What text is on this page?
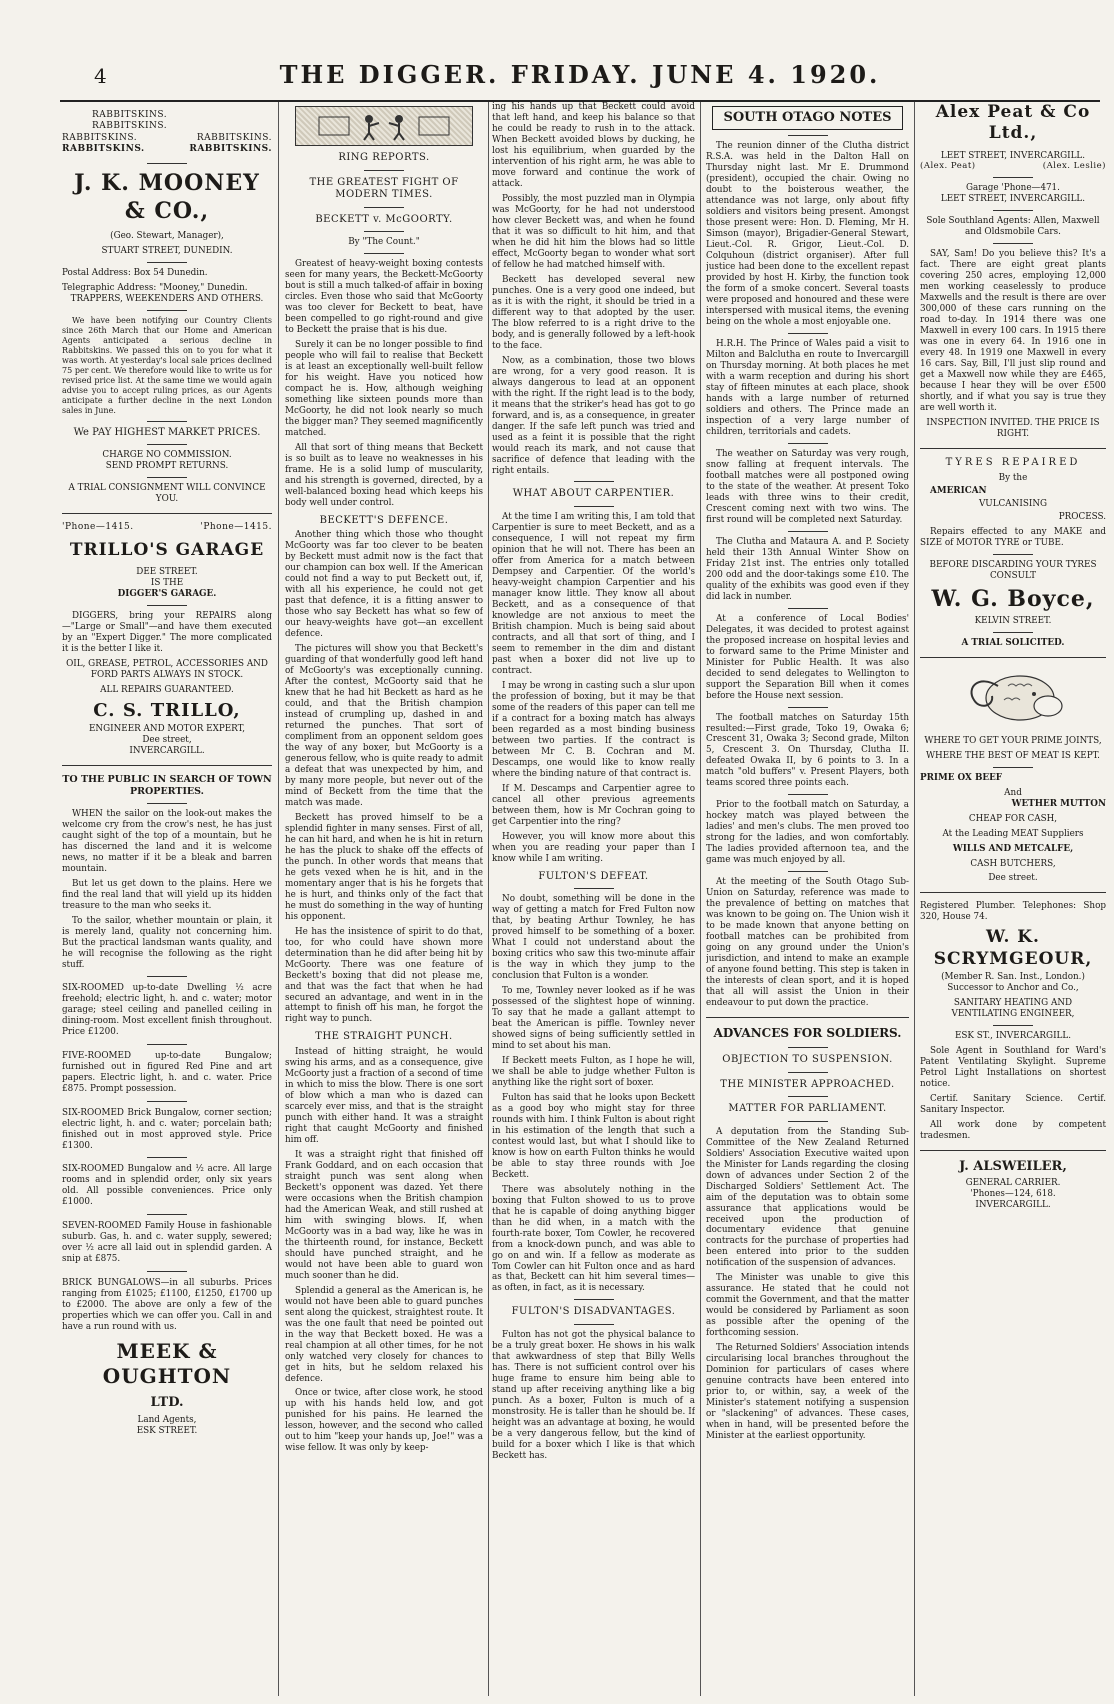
4	THE DIGGER. FRIDAY. JUNE 4. 1920.
RABBITSKINS.
RABBITSKINS.
RABBITSKINS.	RABBITSKINS.
RABBITSKINS.	RABBITSKINS.
J. K. MOONEY & CO.,

(Geo. Stewart, Manager),

STUART STREET, DUNEDIN.

Postal Address: Box 54 Dunedin.

Telegraphic Address: "Mooney," Dunedin.

TRAPPERS, WEEKENDERS AND OTHERS.

We have been notifying our Country Clients since 26th March that our Home and American Agents anticipated a serious decline in Rabbitskins. We passed this on to you for what it was worth. At yesterday's local sale prices declined 75 per cent. We therefore would like to write us for revised price list. At the same time we would again advise you to accept ruling prices, as our Agents anticipate a further decline in the next London sales in June.

We PAY HIGHEST MARKET PRICES.

CHARGE NO COMMISSION.

SEND PROMPT RETURNS.

A TRIAL CONSIGNMENT WILL CONVINCE YOU.

'Phone—1415.	'Phone—1415.
TRILLO'S GARAGE

DEE STREET.

IS THE

DIGGER'S GARAGE.

DIGGERS, bring your REPAIRS along —"Large or Small"—and have them executed by an "Expert Digger." The more complicated it is the better I like it.

OIL, GREASE, PETROL, ACCESSORIES AND FORD PARTS ALWAYS IN STOCK.

ALL REPAIRS GUARANTEED.

C. S. TRILLO,

ENGINEER AND MOTOR EXPERT,

Dee street,

INVERCARGILL.

TO THE PUBLIC IN SEARCH OF TOWN PROPERTIES.

WHEN the sailor on the look-out makes the welcome cry from the crow's nest, he has just caught sight of the top of a mountain, but he has discerned the land and it is welcome news, no matter if it be a bleak and barren mountain.

But let us get down to the plains. Here we find the real land that will yield up its hidden treasure to the man who seeks it.

To the sailor, whether mountain or plain, it is merely land, quality not concerning him. But the practical landsman wants quality, and he will recognise the following as the right stuff.

SIX-ROOMED up-to-date Dwelling ½ acre freehold; electric light, h. and c. water; motor garage; steel ceiling and panelled ceiling in dining-room. Most excellent finish throughout. Price £1200.

FIVE-ROOMED up-to-date Bungalow; furnished out in figured Red Pine and art papers. Electric light, h. and c. water. Price £875. Prompt possession.

SIX-ROOMED Brick Bungalow, corner section; electric light, h. and c. water; porcelain bath; finished out in most approved style. Price £1300.

SIX-ROOMED Bungalow and ½ acre. All large rooms and in splendid order, only six years old. All possible conveniences. Price only £1000.

SEVEN-ROOMED Family House in fashionable suburb. Gas, h. and c. water supply, sewered; over ½ acre all laid out in splendid garden. A snip at £875.

BRICK BUNGALOWS—in all suburbs. Prices ranging from £1025; £1100, £1250, £1700 up to £2000. The above are only a few of the properties which we can offer you. Call in and have a run round with us.

MEEK & OUGHTON
LTD.

Land Agents,

ESK STREET.

RING REPORTS.
THE GREATEST FIGHT OF MODERN TIMES.
BECKETT v. McGOORTY.

By "The Count."

Greatest of heavy-weight boxing contests seen for many years, the Beckett-McGoorty bout is still a much talked-of affair in boxing circles. Even those who said that McGoorty was too clever for Beckett to beat, have been compelled to go right-round and give to Beckett the praise that is his due.

Surely it can be no longer possible to find people who will fail to realise that Beckett is at least an exceptionally well-built fellow for his weight. Have you noticed how compact he is. How, although weighing something like sixteen pounds more than McGoorty, he did not look nearly so much the bigger man? They seemed magnificently matched.

All that sort of thing means that Beckett is so built as to leave no weaknesses in his frame. He is a solid lump of muscularity, and his strength is governed, directed, by a well-balanced boxing head which keeps his body well under control.

BECKETT'S DEFENCE.

Another thing which those who thought McGoorty was far too clever to be beaten by Beckett must admit now is the fact that our champion can box well. If the American could not find a way to put Beckett out, if, with all his experience, he could not get past that defence, it is a fitting answer to those who say Beckett has what so few of our heavy-weights have got—an excellent defence.

The pictures will show you that Beckett's guarding of that wonderfully good left hand of McGoorty's was exceptionally cunning. After the contest, McGoorty said that he knew that he had hit Beckett as hard as he could, and that the British champion instead of crumpling up, dashed in and returned the punches. That sort of compliment from an opponent seldom goes the way of any boxer, but McGoorty is a generous fellow, who is quite ready to admit a defeat that was unexpected by him, and by many more people, but never out of the mind of Beckett from the time that the match was made.

Beckett has proved himself to be a splendid fighter in many senses. First of all, he can hit hard, and when he is hit in return he has the pluck to shake off the effects of the punch. In other words that means that he gets vexed when he is hit, and in the momentary anger that is his he forgets that he is hurt, and thinks only of the fact that he must do something in the way of hunting his opponent.

He has the insistence of spirit to do that, too, for who could have shown more determination than he did after being hit by McGoorty. There was one feature of Beckett's boxing that did not please me, and that was the fact that when he had secured an advantage, and went in in the attempt to finish off his man, he forgot the right way to punch.

THE STRAIGHT PUNCH.

Instead of hitting straight, he would swing his arms, and as a consequence, give McGoorty just a fraction of a second of time in which to miss the blow. There is one sort of blow which a man who is dazed can scarcely ever miss, and that is the straight punch with either hand. It was a straight right that caught McGoorty and finished him off.

It was a straight right that finished off Frank Goddard, and on each occasion that straight punch was sent along when Beckett's opponent was dazed. Yet there were occasions when the British champion had the American Weak, and still rushed at him with swinging blows. If, when McGoorty was in a bad way, like he was in the thirteenth round, for instance, Beckett should have punched straight, and he would not have been able to guard won much sooner than he did.

Splendid a general as the American is, he would not have been able to guard punches sent along the quickest, straightest route. It was the one fault that need be pointed out in the way that Beckett boxed. He was a real champion at all other times, for he not only watched very closely for chances to get in hits, but he seldom relaxed his defence.

Once or twice, after close work, he stood up with his hands held low, and got punished for his pains. He learned the lesson, however, and the second who called out to him "keep your hands up, Joe!" was a wise fellow. It was only by keep-

ing his hands up that Beckett could avoid that left hand, and keep his balance so that he could be ready to rush in to the attack. When Beckett avoided blows by ducking, he lost his equilibrium, when guarded by the intervention of his right arm, he was able to move forward and continue the work of attack.

Possibly, the most puzzled man in Olympia was McGoorty, for he had not understood how clever Beckett was, and when he found that it was so difficult to hit him, and that when he did hit him the blows had so little effect, McGoorty began to wonder what sort of fellow he had matched himself with.

Beckett has developed several new punches. One is a very good one indeed, but as it is with the right, it should be tried in a different way to that adopted by the user. The blow referred to is a right drive to the body, and is generally followed by a left-hook to the face.

Now, as a combination, those two blows are wrong, for a very good reason. It is always dangerous to lead at an opponent with the right. If the right lead is to the body, it means that the striker's head has got to go forward, and is, as a consequence, in greater danger. If the safe left punch was tried and used as a feint it is possible that the right would reach its mark, and not cause that sacrifice of defence that leading with the right entails.

WHAT ABOUT CARPENTIER.

At the time I am writing this, I am told that Carpentier is sure to meet Beckett, and as a consequence, I will not repeat my firm opinion that he will not. There has been an offer from America for a match between Dempsey and Carpentier. Of the world's heavy-weight champion Carpentier and his manager know little. They know all about Beckett, and as a consequence of that knowledge are not anxious to meet the British champion. Much is being said about contracts, and all that sort of thing, and I seem to remember in the dim and distant past when a boxer did not live up to contract.

I may be wrong in casting such a slur upon the profession of boxing, but it may be that some of the readers of this paper can tell me if a contract for a boxing match has always been regarded as a most binding business between two parties. If the contract is between Mr C. B. Cochran and M. Descamps, one would like to know really where the binding nature of that contract is.

If M. Descamps and Carpentier agree to cancel all other previous agreements between them, how is Mr Cochran going to get Carpentier into the ring?

However, you will know more about this when you are reading your paper than I know while I am writing.

FULTON'S DEFEAT.

No doubt, something will be done in the way of getting a match for Fred Fulton now that, by beating Arthur Townley, he has proved himself to be something of a boxer. What I could not understand about the boxing critics who saw this two-minute affair is the way in which they jump to the conclusion that Fulton is a wonder.

To me, Townley never looked as if he was possessed of the slightest hope of winning. To say that he made a gallant attempt to beat the American is piffle. Townley never showed signs of being sufficiently settled in mind to set about his man.

If Beckett meets Fulton, as I hope he will, we shall be able to judge whether Fulton is anything like the right sort of boxer.

Fulton has said that he looks upon Beckett as a good boy who might stay for three rounds with him. I think Fulton is about right in his estimation of the length that such a contest would last, but what I should like to know is how on earth Fulton thinks he would be able to stay three rounds with Joe Beckett.

There was absolutely nothing in the boxing that Fulton showed to us to prove that he is capable of doing anything bigger than he did when, in a match with the fourth-rate boxer, Tom Cowler, he recovered from a knock-down punch, and was able to go on and win. If a fellow as moderate as Tom Cowler can hit Fulton once and as hard as that, Beckett can hit him several times—as often, in fact, as it is necessary.

FULTON'S DISADVANTAGES.

Fulton has not got the physical balance to be a truly great boxer. He shows in his walk that awkwardness of step that Billy Wells has. There is not sufficient control over his huge frame to ensure him being able to stand up after receiving anything like a big punch. As a boxer, Fulton is much of a monstrosity. He is taller than he should be. If height was an advantage at boxing, he would be a very dangerous fellow, but the kind of build for a boxer which I like is that which Beckett has.

SOUTH OTAGO NOTES

The reunion dinner of the Clutha district R.S.A. was held in the Dalton Hall on Thursday night last. Mr E. Drummond (president), occupied the chair. Owing no doubt to the boisterous weather, the attendance was not large, only about fifty soldiers and visitors being present. Amongst those present were: Hon. D. Fleming, Mr H. Simson (mayor), Brigadier-General Stewart, Lieut.-Col. R. Grigor, Lieut.-Col. D. Colquhoun (district organiser). After full justice had been done to the excellent repast provided by host H. Kirby, the function took the form of a smoke concert. Several toasts were proposed and honoured and these were interspersed with musical items, the evening being on the whole a most enjoyable one.

H.R.H. The Prince of Wales paid a visit to Milton and Balclutha en route to Invercargill on Thursday morning. At both places he met with a warm reception and during his short stay of fifteen minutes at each place, shook hands with a large number of returned soldiers and others. The Prince made an inspection of a very large number of children, territorials and cadets.

The weather on Saturday was very rough, snow falling at frequent intervals. The football matches were all postponed owing to the state of the weather. At present Toko leads with three wins to their credit, Crescent coming next with two wins. The first round will be completed next Saturday.

The Clutha and Mataura A. and P. Society held their 13th Annual Winter Show on Friday 21st inst. The entries only totalled 200 odd and the door-takings some £10. The quality of the exhibits was good even if they did lack in number.

At a conference of Local Bodies' Delegates, it was decided to protest against the proposed increase on hospital levies and to forward same to the Prime Minister and Minister for Public Health. It was also decided to send delegates to Wellington to support the Separation Bill when it comes before the House next session.

The football matches on Saturday 15th resulted:—First grade, Toko 19, Owaka 6; Crescent 31, Owaka 3; Second grade, Milton 5, Crescent 3. On Thursday, Clutha II. defeated Owaka II, by 6 points to 3. In a match "old buffers" v. Present Players, both teams scored three points each.

Prior to the football match on Saturday, a hockey match was played between the ladies' and men's clubs. The men proved too strong for the ladies, and won comfortably. The ladies provided afternoon tea, and the game was much enjoyed by all.

At the meeting of the South Otago Sub-Union on Saturday, reference was made to the prevalence of betting on matches that was known to be going on. The Union wish it to be made known that anyone betting on football matches can be prohibited from going on any ground under the Union's jurisdiction, and intend to make an example of anyone found betting. This step is taken in the interests of clean sport, and it is hoped that all will assist the Union in their endeavour to put down the practice.

ADVANCES FOR SOLDIERS.
OBJECTION TO SUSPENSION.
THE MINISTER APPROACHED.
MATTER FOR PARLIAMENT.

A deputation from the Standing Sub-Committee of the New Zealand Returned Soldiers' Association Executive waited upon the Minister for Lands regarding the closing down of advances under Section 2 of the Discharged Soldiers' Settlement Act. The aim of the deputation was to obtain some assurance that applications would be received upon the production of documentary evidence that genuine contracts for the purchase of properties had been entered into prior to the sudden notification of the suspension of advances.

The Minister was unable to give this assurance. He stated that he could not commit the Government, and that the matter would be considered by Parliament as soon as possible after the opening of the forthcoming session.

The Returned Soldiers' Association intends circularising local branches throughout the Dominion for particulars of cases where genuine contracts have been entered into prior to, or within, say, a week of the Minister's statement notifying a suspension or "slackening" of advances. These cases, when in hand, will be presented before the Minister at the earliest opportunity.

Alex Peat & Co Ltd.,

LEET STREET, INVERCARGILL.

(Alex. Peat)	(Alex. Leslie)

Garage 'Phone—471.

LEET STREET, INVERCARGILL.

Sole Southland Agents: Allen, Maxwell and Oldsmobile Cars.

SAY, Sam! Do you believe this? It's a fact. There are eight great plants covering 250 acres, employing 12,000 men working ceaselessly to produce Maxwells and the result is there are over 300,000 of these cars running on the road to-day. In 1914 there was one Maxwell in every 100 cars. In 1915 there was one in every 64. In 1916 one in every 48. In 1919 one Maxwell in every 16 cars. Say, Bill, I'll just slip round and get a Maxwell now while they are £465, because I hear they will be over £500 shortly, and if what you say is true they are well worth it.

INSPECTION INVITED. THE PRICE IS RIGHT.

TYRES REPAIRED

By the

AMERICAN

VULCANISING

PROCESS.

Repairs effected to any MAKE and SIZE of MOTOR TYRE or TUBE.

BEFORE DISCARDING YOUR TYRES CONSULT

W. G. Boyce,

KELVIN STREET.

A TRIAL SOLICITED.

WHERE TO GET YOUR PRIME JOINTS,

WHERE THE BEST OF MEAT IS KEPT.

PRIME OX BEEF

And

WETHER MUTTON

CHEAP FOR CASH,

At the Leading MEAT Suppliers

WILLS AND METCALFE,

CASH BUTCHERS,

Dee street.

Registered Plumber. Telephones: Shop 320, House 74.

W. K. SCRYMGEOUR,

(Member R. San. Inst., London.) Successor to Anchor and Co.,

SANITARY HEATING AND VENTILATING ENGINEER,

ESK ST., INVERCARGILL.

Sole Agent in Southland for Ward's Patent Ventilating Skylight. Supreme Petrol Light Installations on shortest notice.

Certif. Sanitary Science. Certif. Sanitary Inspector.

All work done by competent tradesmen.

J. ALSWEILER,

GENERAL CARRIER.

'Phones—124, 618.

INVERCARGILL.
